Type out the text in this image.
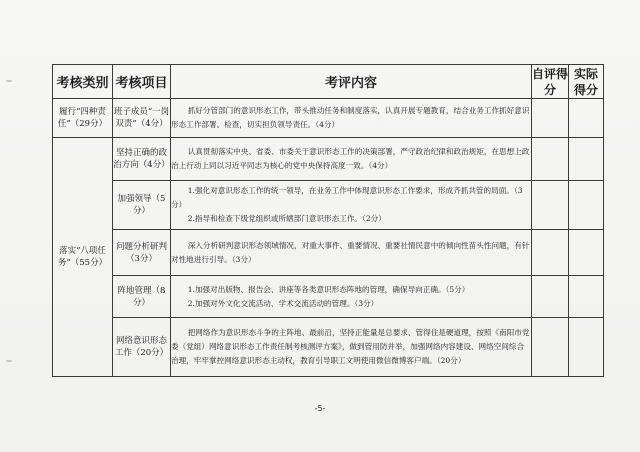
考核类别	考核项目	考评内容	自评得分	实际得分
履行“四种责任”（29分）	班子成员“一岗双责”（4分）	抓好分管部门的意识形态工作，带头推动任务和制度落实，认真开展专题教育，结合业务工作抓好意识形态工作部署、检查，切实担负领导责任。（4分）		

落实“八项任务”（55分）	坚持正确的政治方向（4分）	认真贯彻落实中央、省委、市委关于意识形态工作的决策部署，严守政治纪律和政治规矩，在思想上政治上行动上同以习近平同志为核心的党中央保持高度一致。（4分）		

	加强领导（5分）	1.强化对意识形态工作的统一领导，在业务工作中体现意识形态工作要求，形成齐抓共管的局面。（3分）

2.指导和检查下级党组织或所辖部门意识形态工作。（2分）		

	问题分析研判（3分）	深入分析研判意识形态领域情况，对重大事件、重要情况、重要社情民意中的倾向性苗头性问题，有针对性地进行引导。（3分）		

	阵地管理（8分）	1.加强对出版物、报告会、讲座等各类意识形态阵地的管理，确保导向正确。（5分）

2.加强对外文化交流活动、学术交流活动的管理。（3分）		

	网络意识形态工作（20分）	把网络作为意识形态斗争的主阵地、最前沿，坚持正能量是总要求、管得住是硬道理，按照《南阳市党委（党组）网络意识形态工作责任制考核测评方案》，做到管用防并举，加强网络内容建设、网络空间综合治理，牢牢掌控网络意识形态主动权，教育引导职工文明使用微信微博客户端。（20分）		

-5-
